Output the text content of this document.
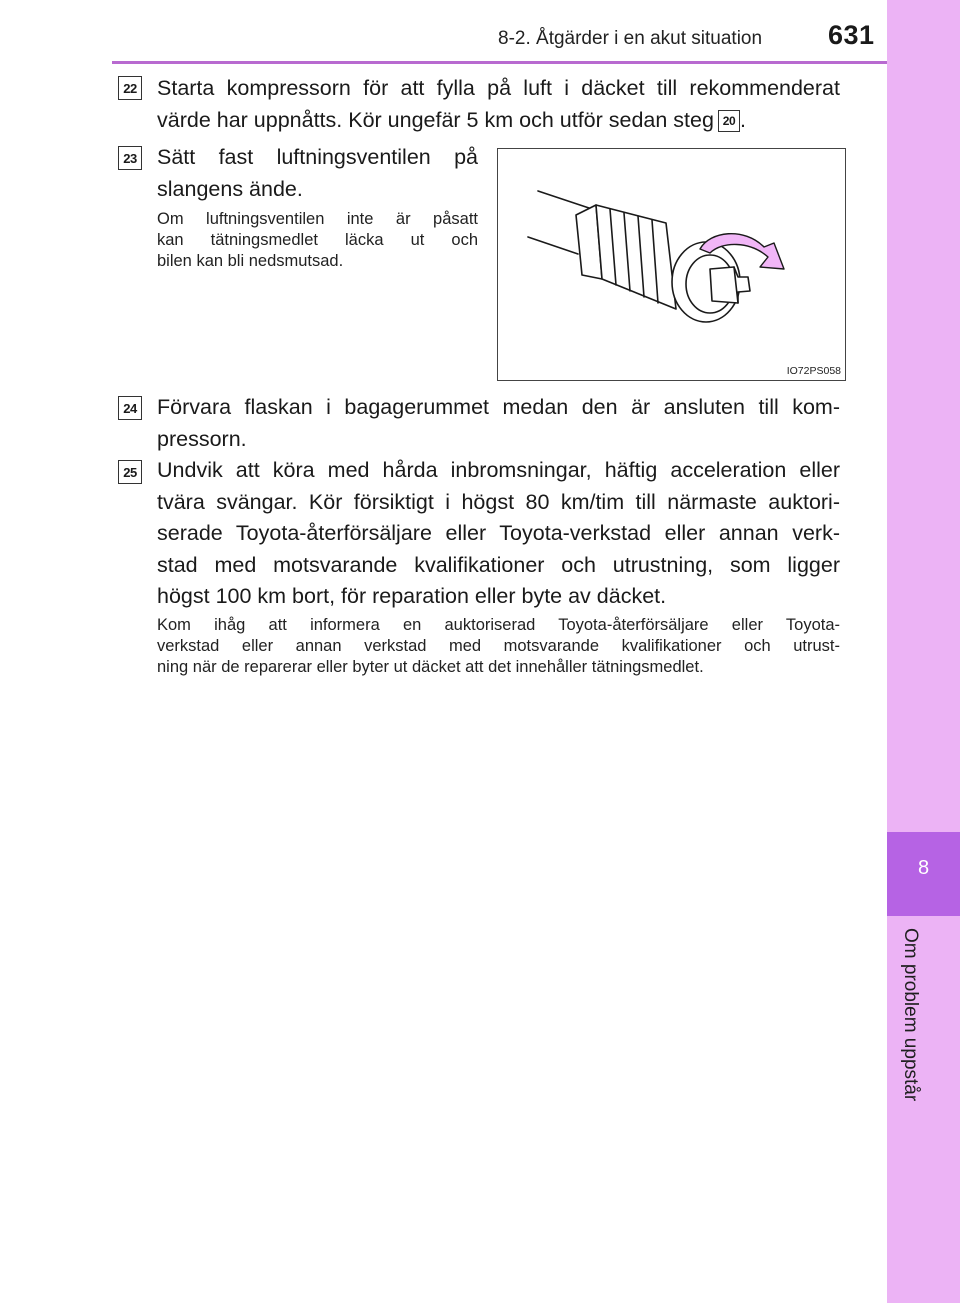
8-2. Åtgärder i en akut situation 631
8
Om problem uppstår
22 Starta kompressorn för att fylla på luft i däcket till rekommenderat
värde har uppnåtts. Kör ungefär 5 km och utför sedan steg 20 .
23 Sätt fast luftningsventilen på
slangens ände.
Om luftningsventilen inte är påsatt
kan tätningsmedlet läcka ut och
bilen kan bli nedsmutsad.
IO72PS058
24 Förvara flaskan i bagagerummet medan den är ansluten till kom-
pressorn.
25 Undvik att köra med hårda inbromsningar, häftig acceleration eller
tvära svängar. Kör försiktigt i högst 80 km/tim till närmaste auktori-
serade Toyota-återförsäljare eller Toyota-verkstad eller annan verk-
stad med motsvarande kvalifikationer och utrustning, som ligger
högst 100 km bort, för reparation eller byte av däcket.
Kom ihåg att informera en auktoriserad Toyota-återförsäljare eller Toyota-
verkstad eller annan verkstad med motsvarande kvalifikationer och utrust-
ning när de reparerar eller byter ut däcket att det innehåller tätningsmedlet.
